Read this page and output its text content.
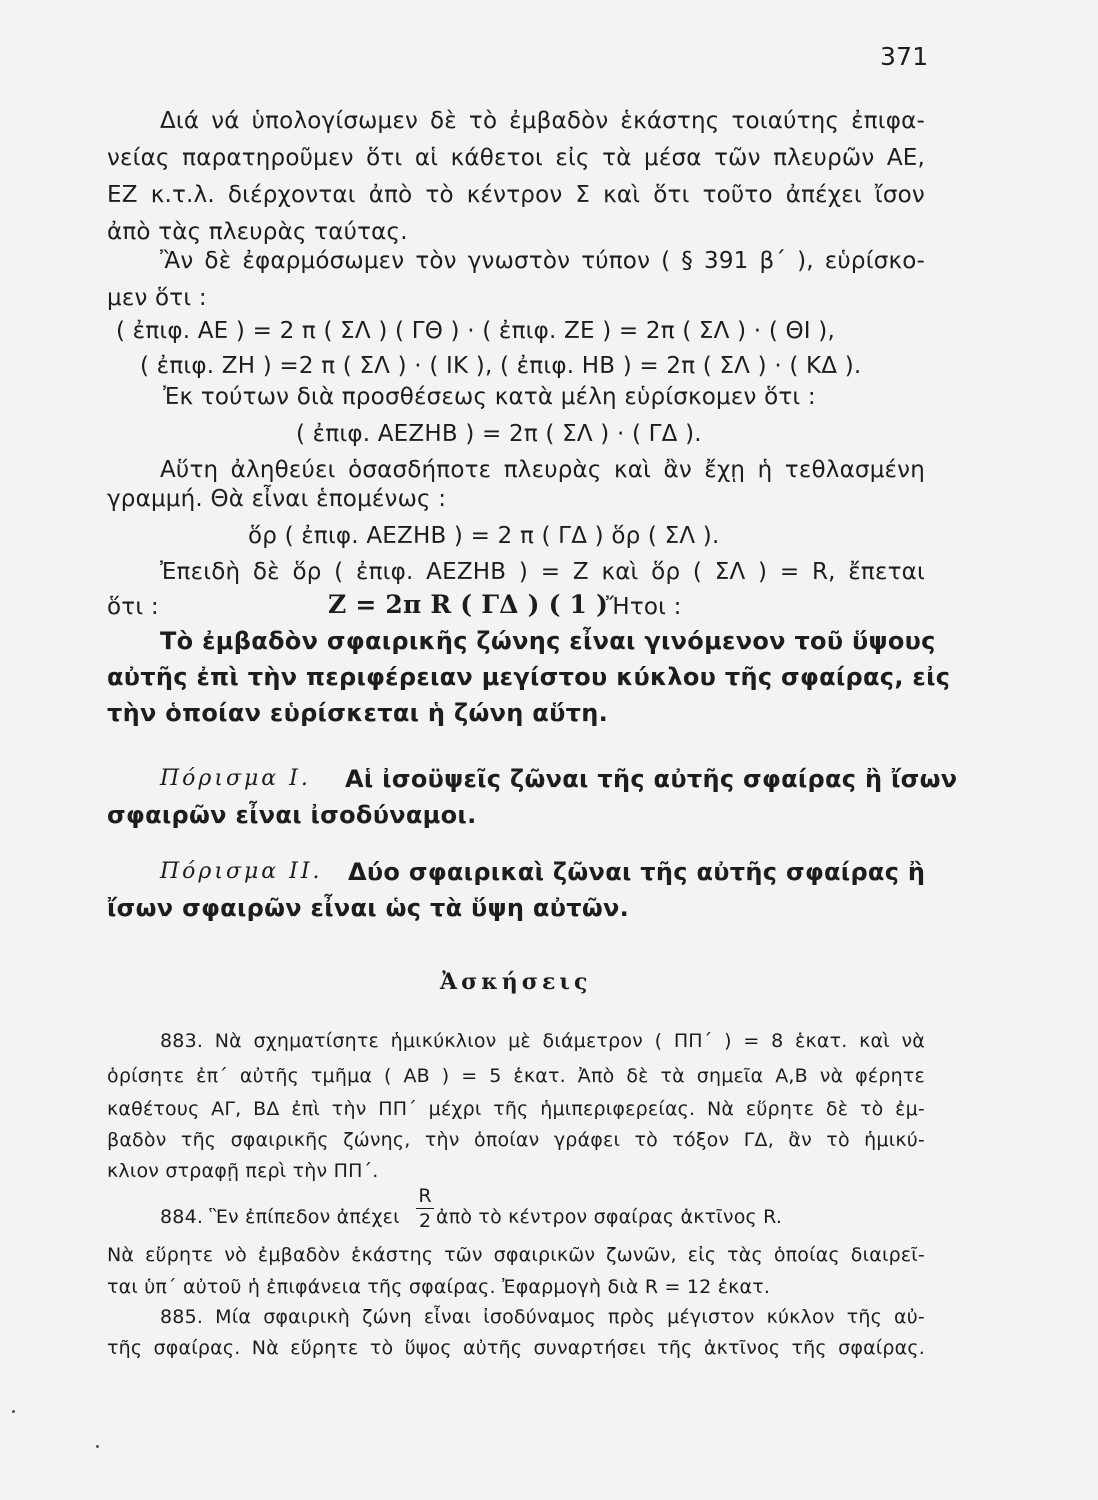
371
Διά νά ὑπολογίσωμεν δὲ τὸ ἐμβαδὸν ἑκάστης τοιαύτης ἐπιφα-
νείας παρατηροῦμεν ὅτι αἱ κάθετοι εἰς τὰ μέσα τῶν πλευρῶν ΑΕ,
ΕΖ κ.τ.λ. διέρχονται ἀπὸ τὸ κέντρον Σ καὶ ὅτι τοῦτο ἀπέχει ἴσον
ἀπὸ τὰς πλευρὰς ταύτας.
Ἂν δὲ ἐφαρμόσωμεν τὸν γνωστὸν τύπον ( § 391 β΄ ), εὑρίσκο-
μεν ὅτι :
( ἐπιφ. ΑΕ ) = 2 π ( ΣΛ ) ( ΓΘ ) · ( ἐπιφ. ΖΕ ) = 2π ( ΣΛ ) · ( ΘΙ ),
( ἐπιφ. ΖΗ ) =2 π ( ΣΛ ) · ( ΙΚ ), ( ἐπιφ. ΗΒ ) = 2π ( ΣΛ ) · ( ΚΔ ).
Ἐκ τούτων διὰ προσθέσεως κατὰ μέλη εὑρίσκομεν ὅτι :
( ἐπιφ. ΑΕΖΗΒ ) = 2π ( ΣΛ ) · ( ΓΔ ).
Αὕτη ἀληθεύει ὁσασδήποτε πλευρὰς καὶ ἂν ἔχῃ ἡ τεθλασμένη
γραμμή. Θὰ εἶναι ἑπομένως :
ὅρ ( ἐπιφ. ΑΕΖΗΒ ) = 2 π ( ΓΔ ) ὅρ ( ΣΛ ).
Ἐπειδὴ δὲ ὅρ ( ἐπιφ. ΑΕΖΗΒ ) = Ζ καὶ ὅρ ( ΣΛ ) = R, ἔπεται
ὅτι :	Ζ = 2π R ( ΓΔ ) ( 1 )
Ἤτοι :
Τὸ ἐμβαδὸν σφαιρικῆς ζώνης εἶναι γινόμενον τοῦ ὕψους
αὐτῆς ἐπὶ τὴν περιφέρειαν μεγίστου κύκλου τῆς σφαίρας, εἰς
τὴν ὁποίαν εὑρίσκεται ἡ ζώνη αὕτη.
Πόρισμα Ι. Αἱ ἰσοϋψεῖς ζῶναι τῆς αὐτῆς σφαίρας ἢ ἴσων
σφαιρῶν εἶναι ἰσοδύναμοι.
Πόρισμα ΙΙ. Δύο σφαιρικαὶ ζῶναι τῆς αὐτῆς σφαίρας ἢ
ἴσων σφαιρῶν εἶναι ὡς τὰ ὕψη αὐτῶν.
Ἀσκήσεις
883. Νὰ σχηματίσητε ἡμικύκλιον μὲ διάμετρον ( ΠΠ΄ ) = 8 ἑκατ. καὶ νὰ
ὁρίσητε ἐπ΄ αὐτῆς τμῆμα ( ΑΒ ) = 5 ἑκατ. Ἀπὸ δὲ τὰ σημεῖα Α,Β νὰ φέρητε
καθέτους ΑΓ, ΒΔ ἐπὶ τὴν ΠΠ΄ μέχρι τῆς ἡμιπεριφερείας. Νὰ εὕρητε δὲ τὸ ἐμ-
βαδὸν τῆς σφαιρικῆς ζώνης, τὴν ὁποίαν γράφει τὸ τόξον ΓΔ, ἂν τὸ ἡμικύ-
κλιον στραφῇ περὶ τὴν ΠΠ΄.
884. Ἓν ἐπίπεδον ἀπέχει
R
2 ἀπὸ τὸ κέντρον σφαίρας ἀκτῖνος R.
Νὰ εὕρητε νὸ ἐμβαδὸν ἑκάστης τῶν σφαιρικῶν ζωνῶν, εἰς τὰς ὁποίας διαιρεῖ-
ται ὑπ΄ αὐτοῦ ἡ ἐπιφάνεια τῆς σφαίρας. Ἐφαρμογὴ διὰ R = 12 ἑκατ.
885. Μία σφαιρικὴ ζώνη εἶναι ἰσοδύναμος πρὸς μέγιστον κύκλον τῆς αὐ-
τῆς σφαίρας. Νὰ εὕρητε τὸ ὕψος αὐτῆς συναρτήσει τῆς ἀκτῖνος τῆς σφαίρας.
